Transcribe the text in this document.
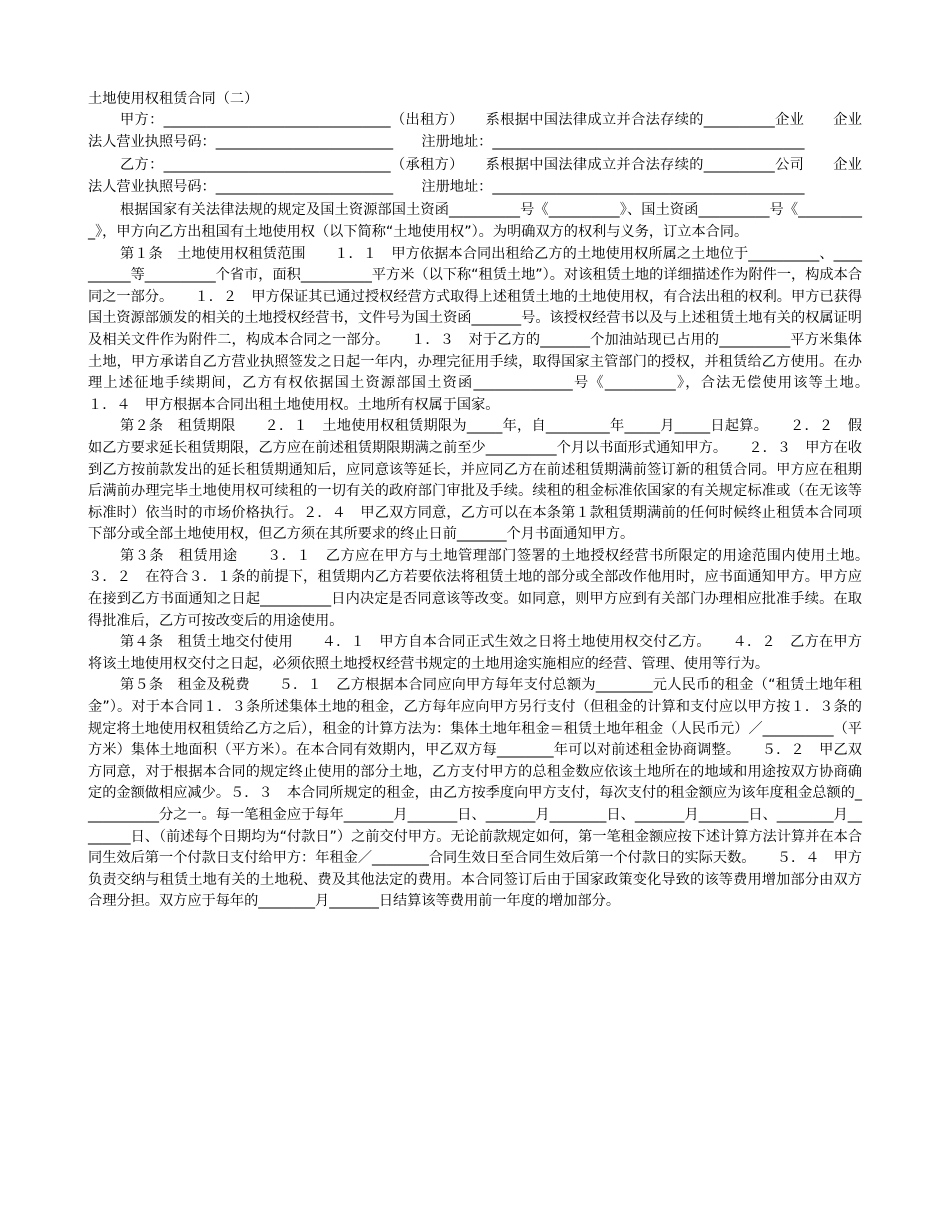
土地使用权租赁合同（二）

甲方：________________________________（出租方）　　系根据中国法律成立并合法存续的__________企业　　企业法人营业执照号码：_________________________　　注册地址：____________________________________________

乙方：________________________________（承租方）　　系根据中国法律成立并合法存续的__________公司　　企业法人营业执照号码：_________________________　　注册地址：____________________________________________

根据国家有关法律法规的规定及国土资源部国土资函__________号《__________》、国土资函__________号《__________》，甲方向乙方出租国有土地使用权（以下简称“土地使用权”）。为明确双方的权利与义务，订立本合同。

第１条　土地使用权租赁范围　　１．１　甲方依据本合同出租给乙方的土地使用权所属之土地位于__________、__________等__________个省市，面积__________平方米（以下称“租赁土地”）。对该租赁土地的详细描述作为附件一，构成本合同之一部分。　　１．２　甲方保证其已通过授权经营方式取得上述租赁土地的土地使用权，有合法出租的权利。甲方已获得国土资源部颁发的相关的土地授权经营书，文件号为国土资函_______号。该授权经营书以及与上述租赁土地有关的权属证明及相关文件作为附件二，构成本合同之一部分。　　１．３　对于乙方的_______个加油站现已占用的__________平方米集体土地，甲方承诺自乙方营业执照签发之日起一年内，办理完征用手续，取得国家主管部门的授权，并租赁给乙方使用。在办理上述征地手续期间，乙方有权依据国土资源部国土资函______________号《__________》，合法无偿使用该等土地。　　１．４　甲方根据本合同出租土地使用权。土地所有权属于国家。

第２条　租赁期限　　２．１　土地使用权租赁期限为_____年，自_________年_____月_____日起算。　　２．２　假如乙方要求延长租赁期限，乙方应在前述租赁期限期满之前至少__________个月以书面形式通知甲方。　　２．３　甲方在收到乙方按前款发出的延长租赁期通知后，应同意该等延长，并应同乙方在前述租赁期满前签订新的租赁合同。甲方应在租期后满前办理完毕土地使用权可续租的一切有关的政府部门审批及手续。续租的租金标准依国家的有关规定标准或（在无该等标准时）依当时的市场价格执行。２．４　甲乙双方同意，乙方可以在本条第１款租赁期满前的任何时候终止租赁本合同项下部分或全部土地使用权，但乙方须在其所要求的终止日前_______个月书面通知甲方。

第３条　租赁用途　　３．１　乙方应在甲方与土地管理部门签署的土地授权经营书所限定的用途范围内使用土地。　　３．２　在符合３．１条的前提下，租赁期内乙方若要依法将租赁土地的部分或全部改作他用时，应书面通知甲方。甲方应在接到乙方书面通知之日起__________日内决定是否同意该等改变。如同意，则甲方应到有关部门办理相应批准手续。在取得批准后，乙方可按改变后的用途使用。

第４条　租赁土地交付使用　　４．１　甲方自本合同正式生效之日将土地使用权交付乙方。　　４．２　乙方在甲方将该土地使用权交付之日起，必须依照土地授权经营书规定的土地用途实施相应的经营、管理、使用等行为。

第５条　租金及税费　　５．１　乙方根据本合同应向甲方每年支付总额为________元人民币的租金（“租赁土地年租金”）。对于本合同１．３条所述集体土地的租金，乙方每年应向甲方另行支付（但租金的计算和支付应以甲方按１．３条的规定将土地使用权租赁给乙方之后），租金的计算方法为：集体土地年租金＝租赁土地年租金（人民币元）／__________（平方米）集体土地面积（平方米）。在本合同有效期内，甲乙双方每________年可以对前述租金协商调整。　　５．２　甲乙双方同意，对于根据本合同的规定终止使用的部分土地，乙方支付甲方的总租金数应依该土地所在的地域和用途按双方协商确定的金额做相应减少。５．３　本合同所规定的租金，由乙方按季度向甲方支付，每次支付的租金额应为该年度租金总额的___________分之一。每一笔租金应于每年_______月_______日、_______月________日、_______月_______日、________月________日、（前述每个日期均为“付款日”）之前交付甲方。无论前款规定如何，第一笔租金额应按下述计算方法计算并在本合同生效后第一个付款日支付给甲方：年租金／________合同生效日至合同生效后第一个付款日的实际天数。　　５．４　甲方负责交纳与租赁土地有关的土地税、费及其他法定的费用。本合同签订后由于国家政策变化导致的该等费用增加部分由双方合理分担。双方应于每年的________月_______日结算该等费用前一年度的增加部分。
